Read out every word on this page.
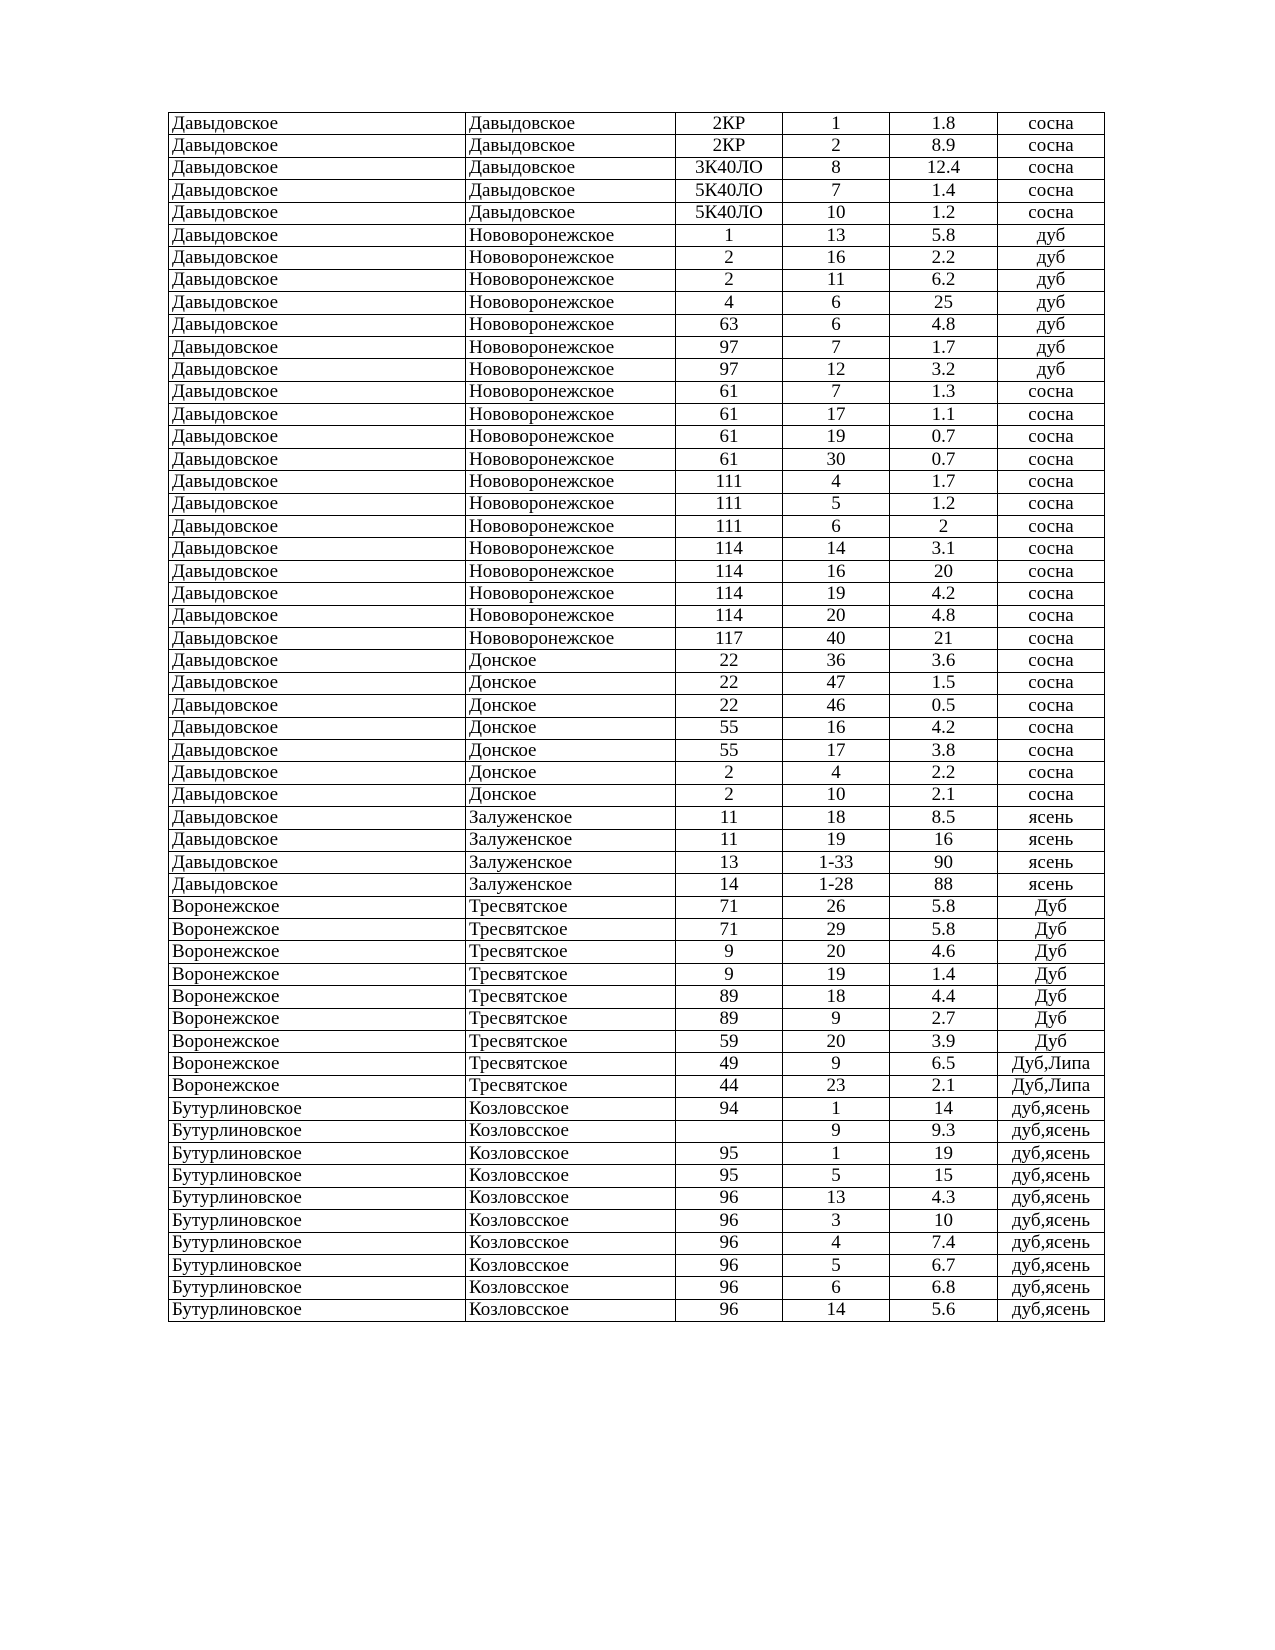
Давыдовское	Давыдовское	2КР	1	1.8	сосна
Давыдовское	Давыдовское	2КР	2	8.9	сосна
Давыдовское	Давыдовское	3К40ЛО	8	12.4	сосна
Давыдовское	Давыдовское	5К40ЛО	7	1.4	сосна
Давыдовское	Давыдовское	5К40ЛО	10	1.2	сосна
Давыдовское	Нововоронежское	1	13	5.8	дуб
Давыдовское	Нововоронежское	2	16	2.2	дуб
Давыдовское	Нововоронежское	2	11	6.2	дуб
Давыдовское	Нововоронежское	4	6	25	дуб
Давыдовское	Нововоронежское	63	6	4.8	дуб
Давыдовское	Нововоронежское	97	7	1.7	дуб
Давыдовское	Нововоронежское	97	12	3.2	дуб
Давыдовское	Нововоронежское	61	7	1.3	сосна
Давыдовское	Нововоронежское	61	17	1.1	сосна
Давыдовское	Нововоронежское	61	19	0.7	сосна
Давыдовское	Нововоронежское	61	30	0.7	сосна
Давыдовское	Нововоронежское	111	4	1.7	сосна
Давыдовское	Нововоронежское	111	5	1.2	сосна
Давыдовское	Нововоронежское	111	6	2	сосна
Давыдовское	Нововоронежское	114	14	3.1	сосна
Давыдовское	Нововоронежское	114	16	20	сосна
Давыдовское	Нововоронежское	114	19	4.2	сосна
Давыдовское	Нововоронежское	114	20	4.8	сосна
Давыдовское	Нововоронежское	117	40	21	сосна
Давыдовское	Донское	22	36	3.6	сосна
Давыдовское	Донское	22	47	1.5	сосна
Давыдовское	Донское	22	46	0.5	сосна
Давыдовское	Донское	55	16	4.2	сосна
Давыдовское	Донское	55	17	3.8	сосна
Давыдовское	Донское	2	4	2.2	сосна
Давыдовское	Донское	2	10	2.1	сосна
Давыдовское	Залуженское	11	18	8.5	ясень
Давыдовское	Залуженское	11	19	16	ясень
Давыдовское	Залуженское	13	1-33	90	ясень
Давыдовское	Залуженское	14	1-28	88	ясень
Воронежское	Тресвятское	71	26	5.8	Дуб
Воронежское	Тресвятское	71	29	5.8	Дуб
Воронежское	Тресвятское	9	20	4.6	Дуб
Воронежское	Тресвятское	9	19	1.4	Дуб
Воронежское	Тресвятское	89	18	4.4	Дуб
Воронежское	Тресвятское	89	9	2.7	Дуб
Воронежское	Тресвятское	59	20	3.9	Дуб
Воронежское	Тресвятское	49	9	6.5	Дуб,Липа
Воронежское	Тресвятское	44	23	2.1	Дуб,Липа
Бутурлиновское	Козловсское	94	1	14	дуб,ясень
Бутурлиновское	Козловсское		9	9.3	дуб,ясень
Бутурлиновское	Козловсское	95	1	19	дуб,ясень
Бутурлиновское	Козловсское	95	5	15	дуб,ясень
Бутурлиновское	Козловсское	96	13	4.3	дуб,ясень
Бутурлиновское	Козловсское	96	3	10	дуб,ясень
Бутурлиновское	Козловсское	96	4	7.4	дуб,ясень
Бутурлиновское	Козловсское	96	5	6.7	дуб,ясень
Бутурлиновское	Козловсское	96	6	6.8	дуб,ясень
Бутурлиновское	Козловсское	96	14	5.6	дуб,ясень
